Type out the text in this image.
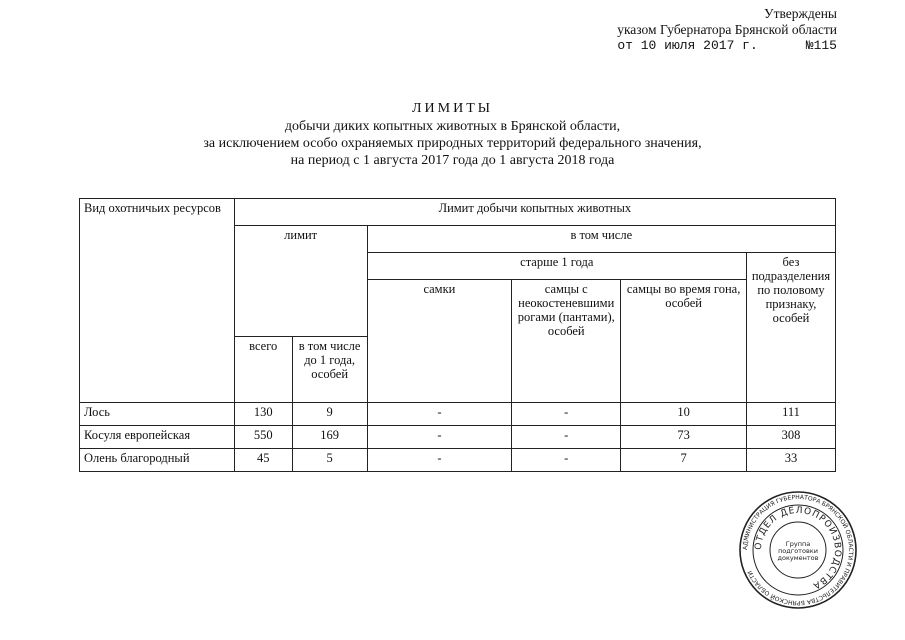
Утверждены
указом Губернатора Брянской области
от 10 июля 2017 г.	№115
ЛИМИТЫ
добычи диких копытных животных в Брянской области,
за исключением особо охраняемых природных территорий федерального значения,
на период с 1 августа 2017 года до 1 августа 2018 года
Вид охотничьих ресурсов	Лимит добычи копытных животных					
	лимит		в том числе			
			старше 1 года			без подразделения по половому признаку, особей
			самки	самцы с неокостеневшими рогами (пантами), особей	самцы во время гона, особей	
	всего	в том числе до 1 года, особей				
Лось	130	9	-	-	10	111
Косуля европейская	550	169	-	-	73	308
Олень благородный	45	5	-	-	7	33
АДМИНИСТРАЦИЯ ГУБЕРНАТОРА БРЯНСКОЙ ОБЛАСТИ И ПРАВИТЕЛЬСТВА БРЯНСКОЙ ОБЛАСТИ
ОТДЕЛ ДЕЛОПРОИЗВОДСТВА
Группа
подготовки
документов
